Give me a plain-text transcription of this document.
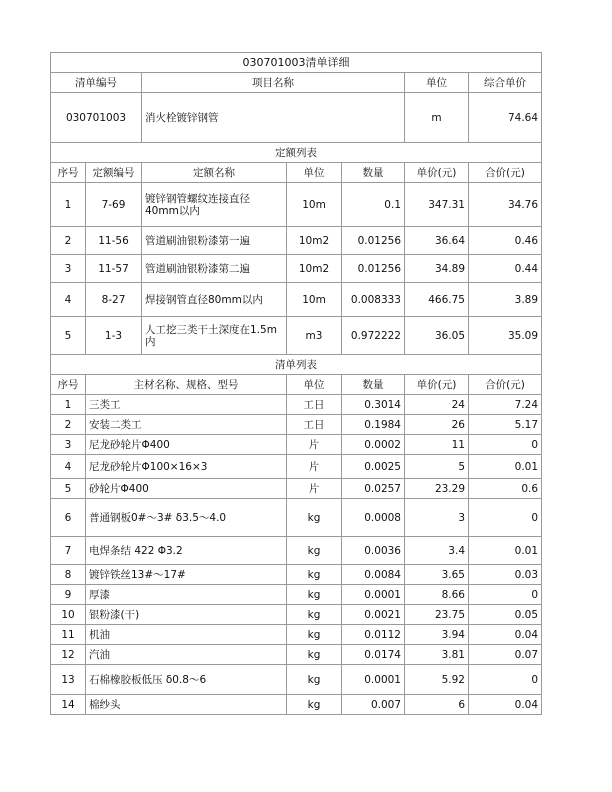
030701003清单详细						
清单编号		项目名称			单位	综合单价
030701003		消火栓镀锌钢管			m	74.64
定额列表						
序号	定额编号	定额名称	单位	数量	单价(元)	合价(元)
1	7-69	镀锌钢管螺纹连接直径40mm以内	10m	0.1	347.31	34.76
2	11-56	管道刷油银粉漆第一遍	10m2	0.01256	36.64	0.46
3	11-57	管道刷油银粉漆第二遍	10m2	0.01256	34.89	0.44
4	8-27	焊接钢管直径80mm以内	10m	0.008333	466.75	3.89
5	1-3	人工挖三类干土深度在1.5m内	m3	0.972222	36.05	35.09
清单列表						
序号	主材名称、规格、型号		单位	数量	单价(元)	合价(元)
1	三类工		工日	0.3014	24	7.24
2	安装二类工		工日	0.1984	26	5.17
3	尼龙砂轮片Φ400		片	0.0002	11	0
4	尼龙砂轮片Φ100×16×3		片	0.0025	5	0.01
5	砂轮片Φ400		片	0.0257	23.29	0.6
6	普通钢板0#～3# δ3.5～4.0		kg	0.0008	3	0
7	电焊条结 422 Φ3.2		kg	0.0036	3.4	0.01
8	镀锌铁丝13#～17#		kg	0.0084	3.65	0.03
9	厚漆		kg	0.0001	8.66	0
10	银粉漆(干)		kg	0.0021	23.75	0.05
11	机油		kg	0.0112	3.94	0.04
12	汽油		kg	0.0174	3.81	0.07
13	石棉橡胶板低压 δ0.8～6		kg	0.0001	5.92	0
14	棉纱头		kg	0.007	6	0.04
